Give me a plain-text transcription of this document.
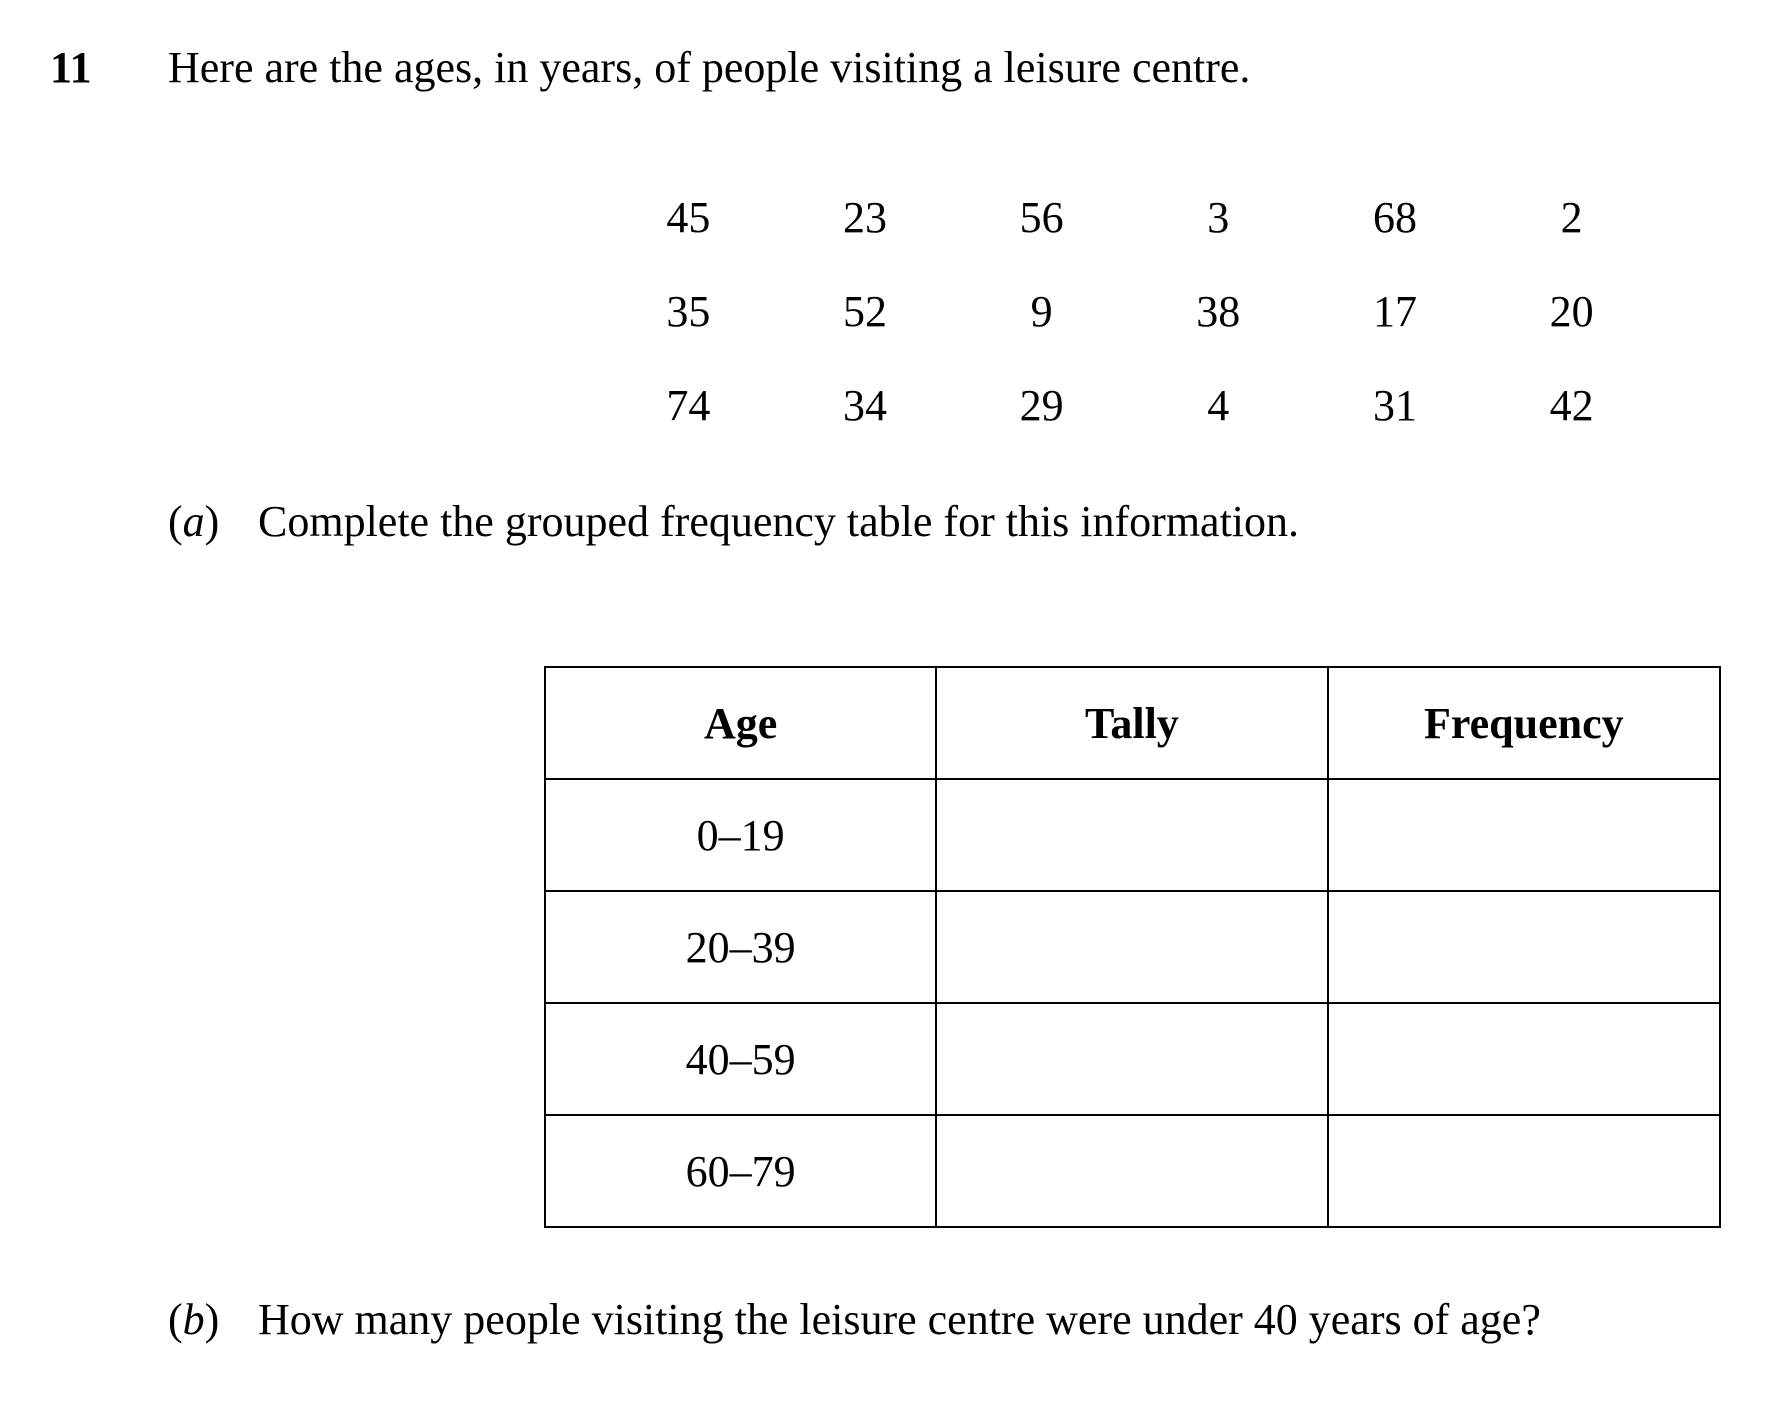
11 Here are the ages, in years, of people visiting a leisure centre.
45	23	56	3	68	2
35	52	9	38	17	20
74	34	29	4	31	42
(a) Complete the grouped frequency table for this information.
Age	Tally	Frequency
0–19		
20–39		
40–59		
60–79		
(b) How many people visiting the leisure centre were under 40 years of age?
